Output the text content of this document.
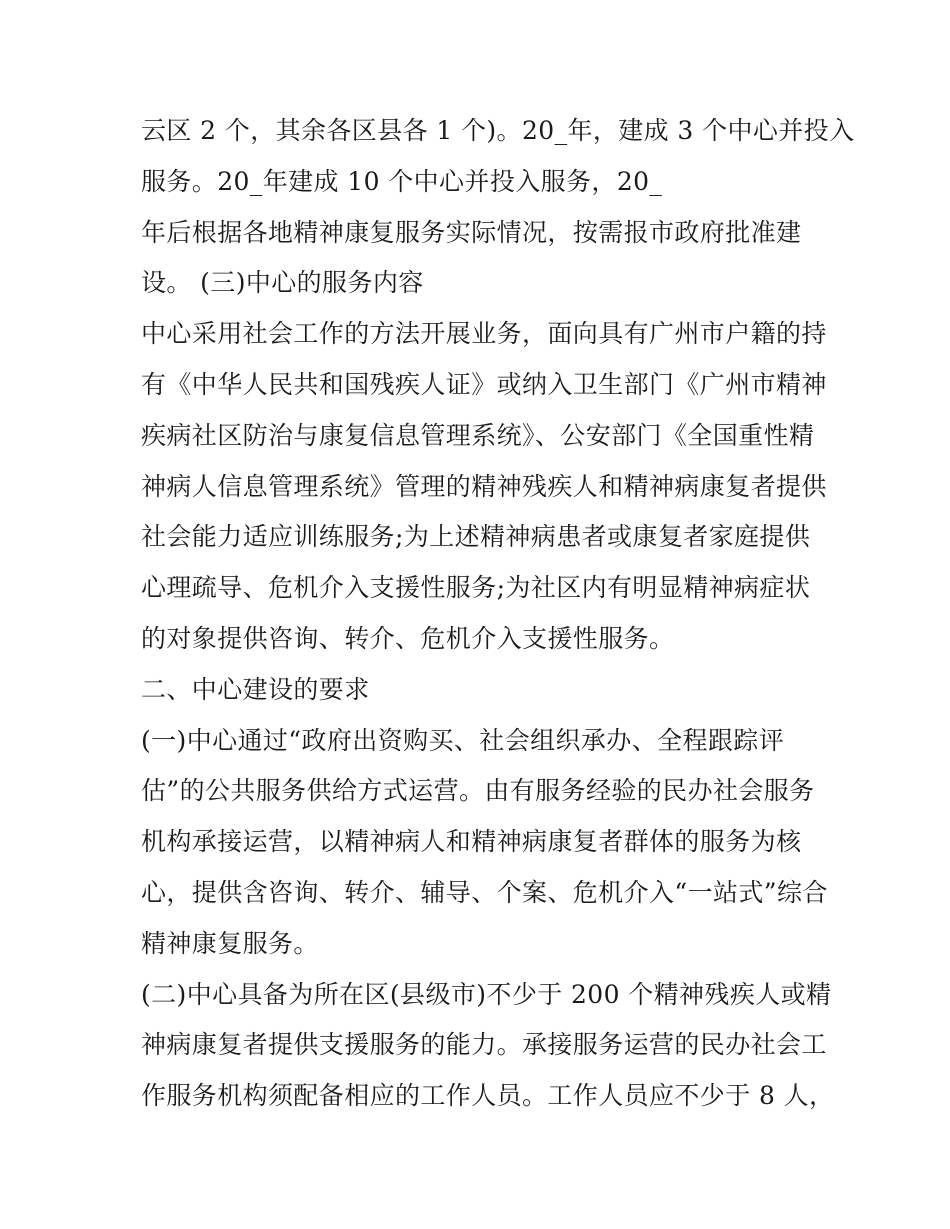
云区 2 个，其余各区县各 1 个)。20_年，建成 3 个中心并投入
服务。20_年建成 10 个中心并投入服务，20_
年后根据各地精神康复服务实际情况，按需报市政府批准建
设。 (三)中心的服务内容
中心采用社会工作的方法开展业务，面向具有广州市户籍的持
有《中华人民共和国残疾人证》或纳入卫生部门《广州市精神
疾病社区防治与康复信息管理系统》、公安部门《全国重性精
神病人信息管理系统》管理的精神残疾人和精神病康复者提供
社会能力适应训练服务;为上述精神病患者或康复者家庭提供
心理疏导、危机介入支援性服务;为社区内有明显精神病症状
的对象提供咨询、转介、危机介入支援性服务。
二、中心建设的要求
(一)中心通过“政府出资购买、社会组织承办、全程跟踪评
估”的公共服务供给方式运营。由有服务经验的民办社会服务
机构承接运营，以精神病人和精神病康复者群体的服务为核
心，提供含咨询、转介、辅导、个案、危机介入“一站式”综合
精神康复服务。
(二)中心具备为所在区(县级市)不少于 200 个精神残疾人或精
神病康复者提供支援服务的能力。承接服务运营的民办社会工
作服务机构须配备相应的工作人员。工作人员应不少于 8 人，
